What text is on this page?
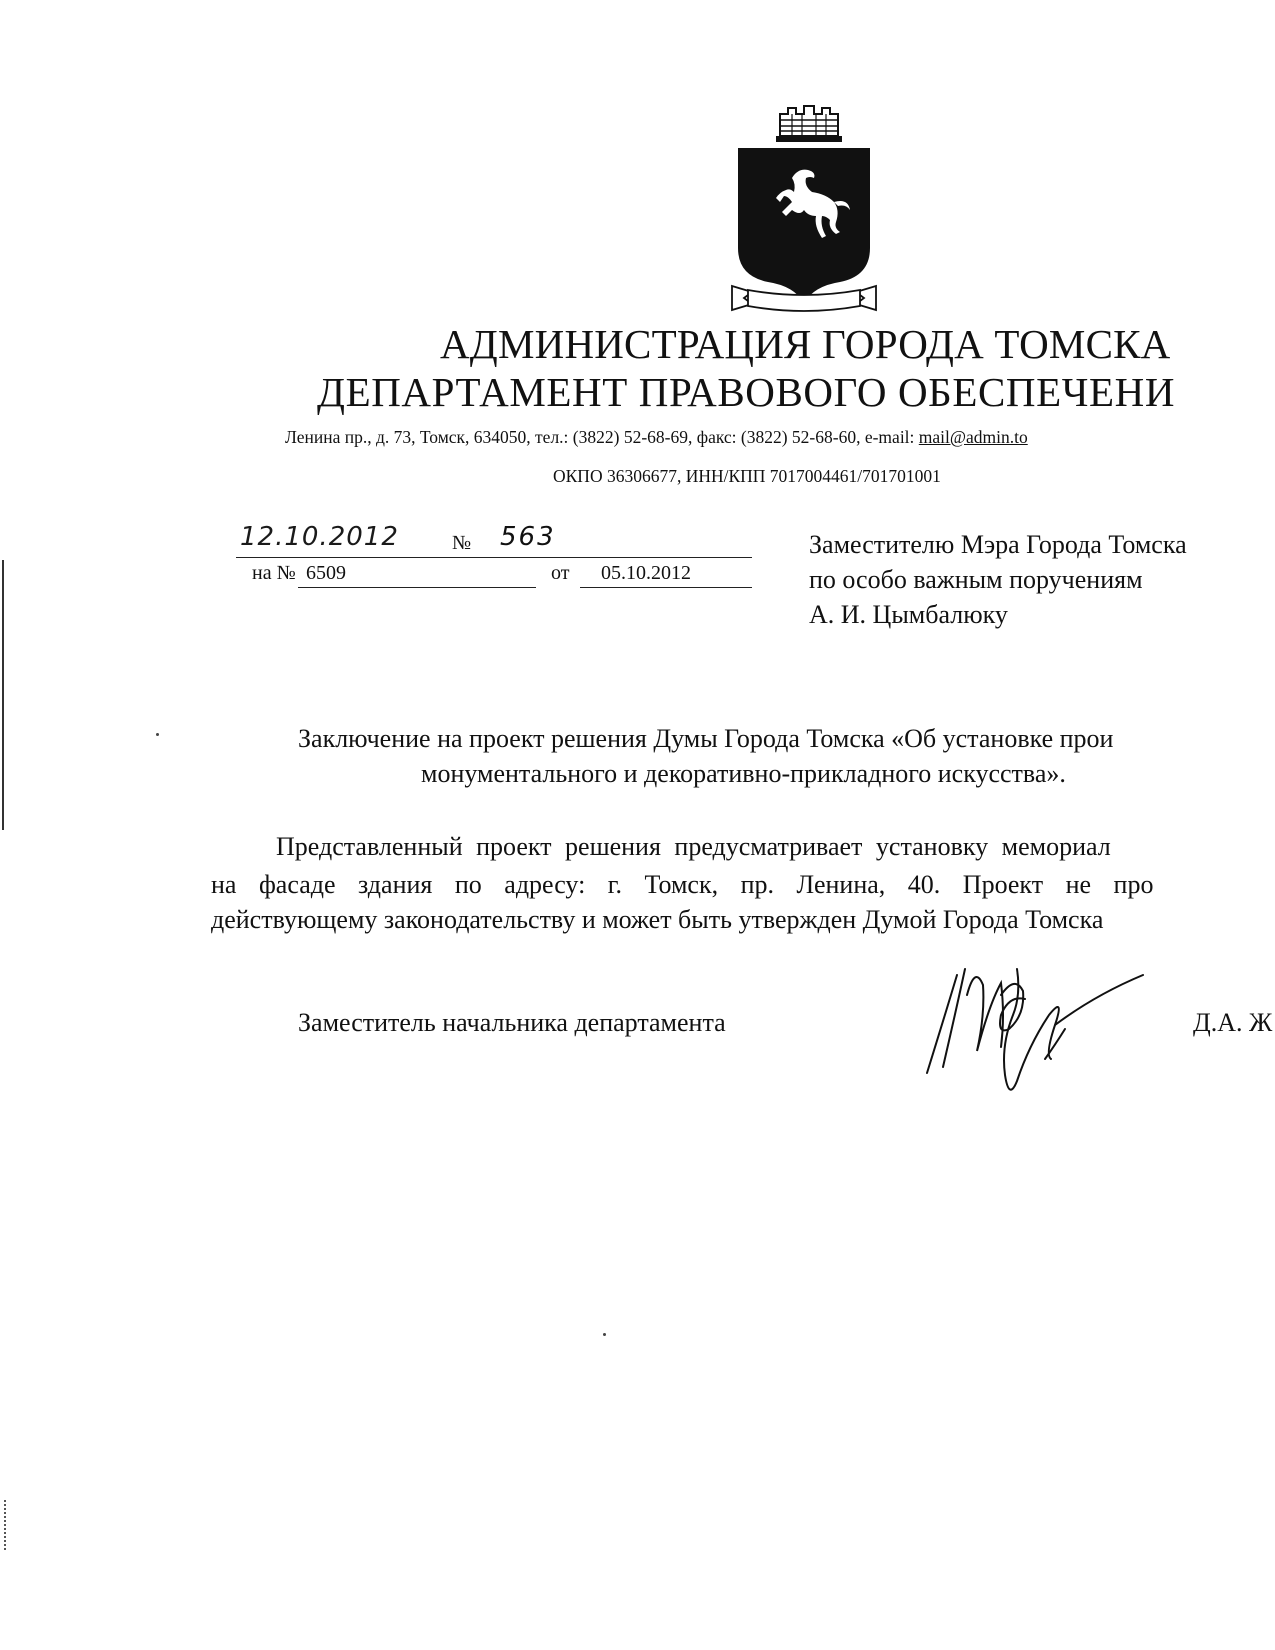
АДМИНИСТРАЦИЯ ГОРОДА ТОМСКА
ДЕПАРТАМЕНТ ПРАВОВОГО ОБЕСПЕЧЕНИ
Ленина пр., д. 73, Томск, 634050, тел.: (3822) 52-68-69, факс: (3822) 52-68-60, e-mail: mail@admin.to
ОКПО 36306677, ИНН/КПП 7017004461/701701001
12.10.2012	№ 563
на № 6509	от 05.10.2012
Заместителю Мэра Города Томска
по особо важным поручениям
А. И. Цымбалюку
Заключение на проект решения Думы Города Томска «Об установке прои
монументального и декоративно-прикладного искусства».
Представленный проект решения предусматривает установку мемориал
на фасаде здания по адресу: г. Томск, пр. Ленина, 40. Проект не про
действующему законодательству и может быть утвержден Думой Города Томска
Заместитель начальника департамента	Д.А. Ж
